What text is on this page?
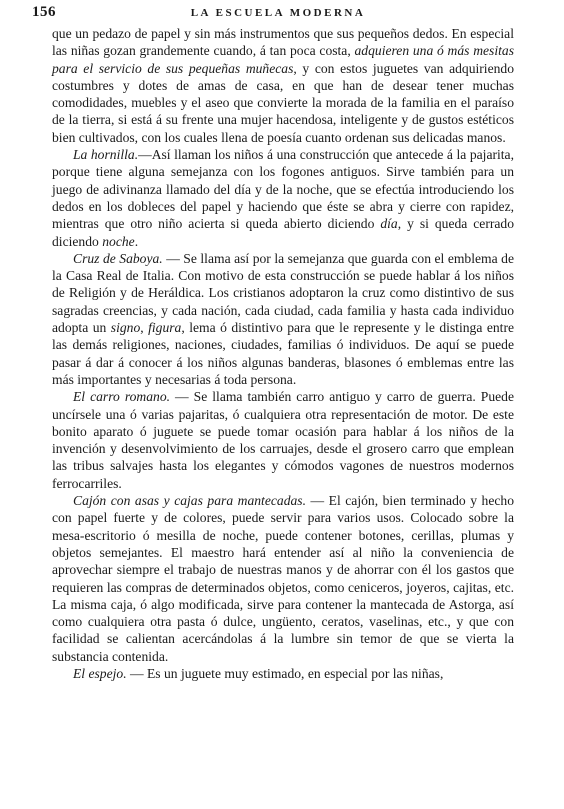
156	LA ESCUELA MODERNA

que un pedazo de papel y sin más instrumentos que sus pequeños dedos. En especial las niñas gozan grandemente cuando, á tan poca costa, adquieren una ó más mesitas para el servicio de sus pequeñas muñecas, y con estos juguetes van adquiriendo costumbres y dotes de amas de casa, en que han de desear tener muchas comodidades, muebles y el aseo que convierte la morada de la familia en el paraíso de la tierra, si está á su frente una mujer hacendosa, inteligente y de gustos estéticos bien cultivados, con los cuales llena de poesía cuanto ordenan sus delicadas manos.

La hornilla.—Así llaman los niños á una construcción que antecede á la pajarita, porque tiene alguna semejanza con los fogones antiguos. Sirve también para un juego de adivinanza llamado del día y de la noche, que se efectúa introduciendo los dedos en los dobleces del papel y haciendo que éste se abra y cierre con rapidez, mientras que otro niño acierta si queda abierto diciendo día, y si queda cerrado diciendo noche.

Cruz de Saboya. — Se llama así por la semejanza que guarda con el emblema de la Casa Real de Italia. Con motivo de esta construcción se puede hablar á los niños de Religión y de Heráldica. Los cristianos adoptaron la cruz como distintivo de sus sagradas creencias, y cada nación, cada ciudad, cada familia y hasta cada individuo adopta un signo, figura, lema ó distintivo para que le represente y le distinga entre las demás religiones, naciones, ciudades, familias ó individuos. De aquí se puede pasar á dar á conocer á los niños algunas banderas, blasones ó emblemas entre las más importantes y necesarias á toda persona.

El carro romano. — Se llama también carro antiguo y carro de guerra. Puede uncírsele una ó varias pajaritas, ó cualquiera otra representación de motor. De este bonito aparato ó juguete se puede tomar ocasión para hablar á los niños de la invención y desenvolvimiento de los carruajes, desde el grosero carro que emplean las tribus salvajes hasta los elegantes y cómodos vagones de nuestros modernos ferrocarriles.

Cajón con asas y cajas para mantecadas. — El cajón, bien terminado y hecho con papel fuerte y de colores, puede servir para varios usos. Colocado sobre la mesa-escritorio ó mesilla de noche, puede contener botones, cerillas, plumas y objetos semejantes. El maestro hará entender así al niño la conveniencia de aprovechar siempre el trabajo de nuestras manos y de ahorrar con él los gastos que requieren las compras de determinados objetos, como ceniceros, joyeros, cajitas, etc. La misma caja, ó algo modificada, sirve para contener la mantecada de Astorga, así como cualquiera otra pasta ó dulce, ungüento, ceratos, vaselinas, etc., y que con facilidad se calientan acercándolas á la lumbre sin temor de que se vierta la substancia contenida.

El espejo. — Es un juguete muy estimado, en especial por las niñas,
